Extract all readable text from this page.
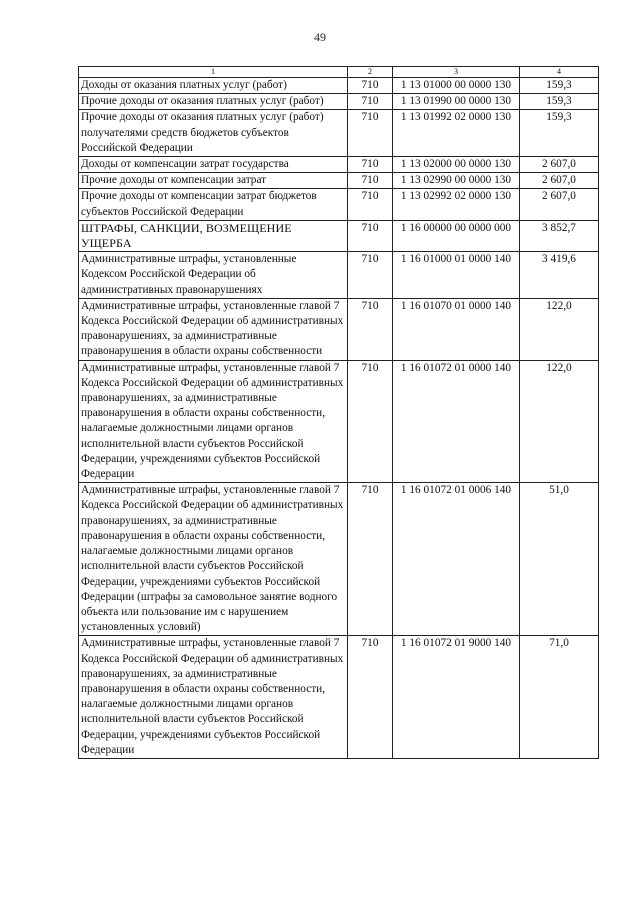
49
1	2	3	4
Доходы от оказания платных услуг (работ)	710	1 13 01000 00 0000 130	159,3
Прочие доходы от оказания платных услуг (работ)	710	1 13 01990 00 0000 130	159,3
Прочие доходы от оказания платных услуг (работ) получателями средств бюджетов субъектов Российской Федерации	710	1 13 01992 02 0000 130	159,3
Доходы от компенсации затрат государства	710	1 13 02000 00 0000 130	2 607,0
Прочие доходы от компенсации затрат	710	1 13 02990 00 0000 130	2 607,0
Прочие доходы от компенсации затрат бюджетов субъектов Российской Федерации	710	1 13 02992 02 0000 130	2 607,0
ШТРАФЫ, САНКЦИИ, ВОЗМЕЩЕНИЕ УЩЕРБА	710	1 16 00000 00 0000 000	3 852,7
Административные штрафы, установленные Кодексом Российской Федерации об административных правонарушениях	710	1 16 01000 01 0000 140	3 419,6
Административные штрафы, установленные главой 7 Кодекса Российской Федерации об административных правонарушениях, за административные правонарушения в области охраны собственности	710	1 16 01070 01 0000 140	122,0
Административные штрафы, установленные главой 7 Кодекса Российской Федерации об административных правонарушениях, за административные правонарушения в области охраны собственности, налагаемые должностными лицами органов исполнительной власти субъектов Российской Федерации, учреждениями субъектов Российской Федерации	710	1 16 01072 01 0000 140	122,0
Административные штрафы, установленные главой 7 Кодекса Российской Федерации об административных правонарушениях, за административные правонарушения в области охраны собственности, налагаемые должностными лицами органов исполнительной власти субъектов Российской Федерации, учреждениями субъектов Российской Федерации (штрафы за самовольное занятие водного объекта или пользование им с нарушением установленных условий)	710	1 16 01072 01 0006 140	51,0
Административные штрафы, установленные главой 7 Кодекса Российской Федерации об административных правонарушениях, за административные правонарушения в области охраны собственности, налагаемые должностными лицами органов исполнительной власти субъектов Российской Федерации, учреждениями субъектов Российской Федерации	710	1 16 01072 01 9000 140	71,0
